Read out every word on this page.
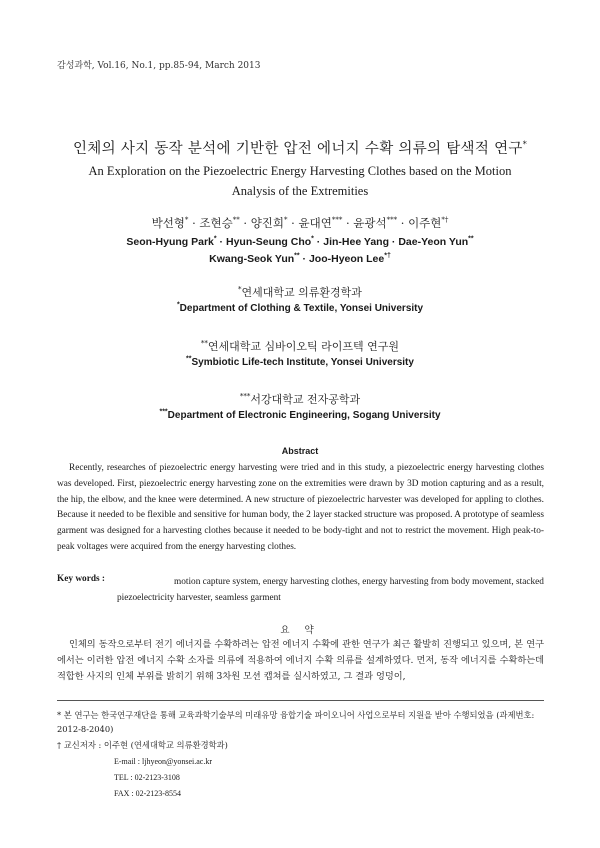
감성과학, Vol.16, No.1, pp.85-94, March 2013
인체의 사지 동작 분석에 기반한 압전 에너지 수확 의류의 탐색적 연구*
An Exploration on the Piezoelectric Energy Harvesting Clothes based on the Motion Analysis of the Extremities
박선형* · 조현승** · 양진희* · 윤대연*** · 윤광석*** · 이주현*†
Seon-Hyung Park* · Hyun-Seung Cho* · Jin-Hee Yang · Dae-Yeon Yun**
Kwang-Seok Yun** · Joo-Hyeon Lee*†
*연세대학교 의류환경학과
*Department of Clothing & Textile, Yonsei University
**연세대학교 심바이오틱 라이프텍 연구원
**Symbiotic Life-tech Institute, Yonsei University
***서강대학교 전자공학과
***Department of Electronic Engineering, Sogang University
Abstract
Recently, researches of piezoelectric energy harvesting were tried and in this study, a piezoelectric energy harvesting clothes was developed. First, piezoelectric energy harvesting zone on the extremities were drawn by 3D motion capturing and as a result, the hip, the elbow, and the knee were determined. A new structure of piezoelectric harvester was developed for appling to clothes. Because it needed to be flexible and sensitive for human body, the 2 layer stacked structure was proposed. A prototype of seamless garment was designed for a harvesting clothes because it needed to be body-tight and not to restrict the movement. High peak-to-peak voltages were acquired from the energy harvesting clothes.
Key words :	motion capture system, energy harvesting clothes, energy harvesting from body movement, stacked piezoelectricity harvester, seamless garment
요 약
인체의 동작으로부터 전기 에너지를 수확하려는 압전 에너지 수확에 관한 연구가 최근 활발히 진행되고 있으며, 본 연구에서는 이러한 압전 에너지 수확 소자를 의류에 적용하여 에너지 수확 의류를 설계하였다. 먼저, 동작 에너지를 수확하는데 적합한 사지의 인체 부위를 밝히기 위해 3차원 모션 캡쳐를 실시하였고, 그 결과 엉덩이,
* 본 연구는 한국연구재단을 통해 교육과학기술부의 미래유망 융합기술 파이오니어 사업으로부터 지원을 받아 수행되었음 (과제번호: 2012-8-2040)
† 교신저자 : 이주현 (연세대학교 의류환경학과)
E-mail : ljhyeon@yonsei.ac.kr
TEL : 02-2123-3108
FAX : 02-2123-8554
